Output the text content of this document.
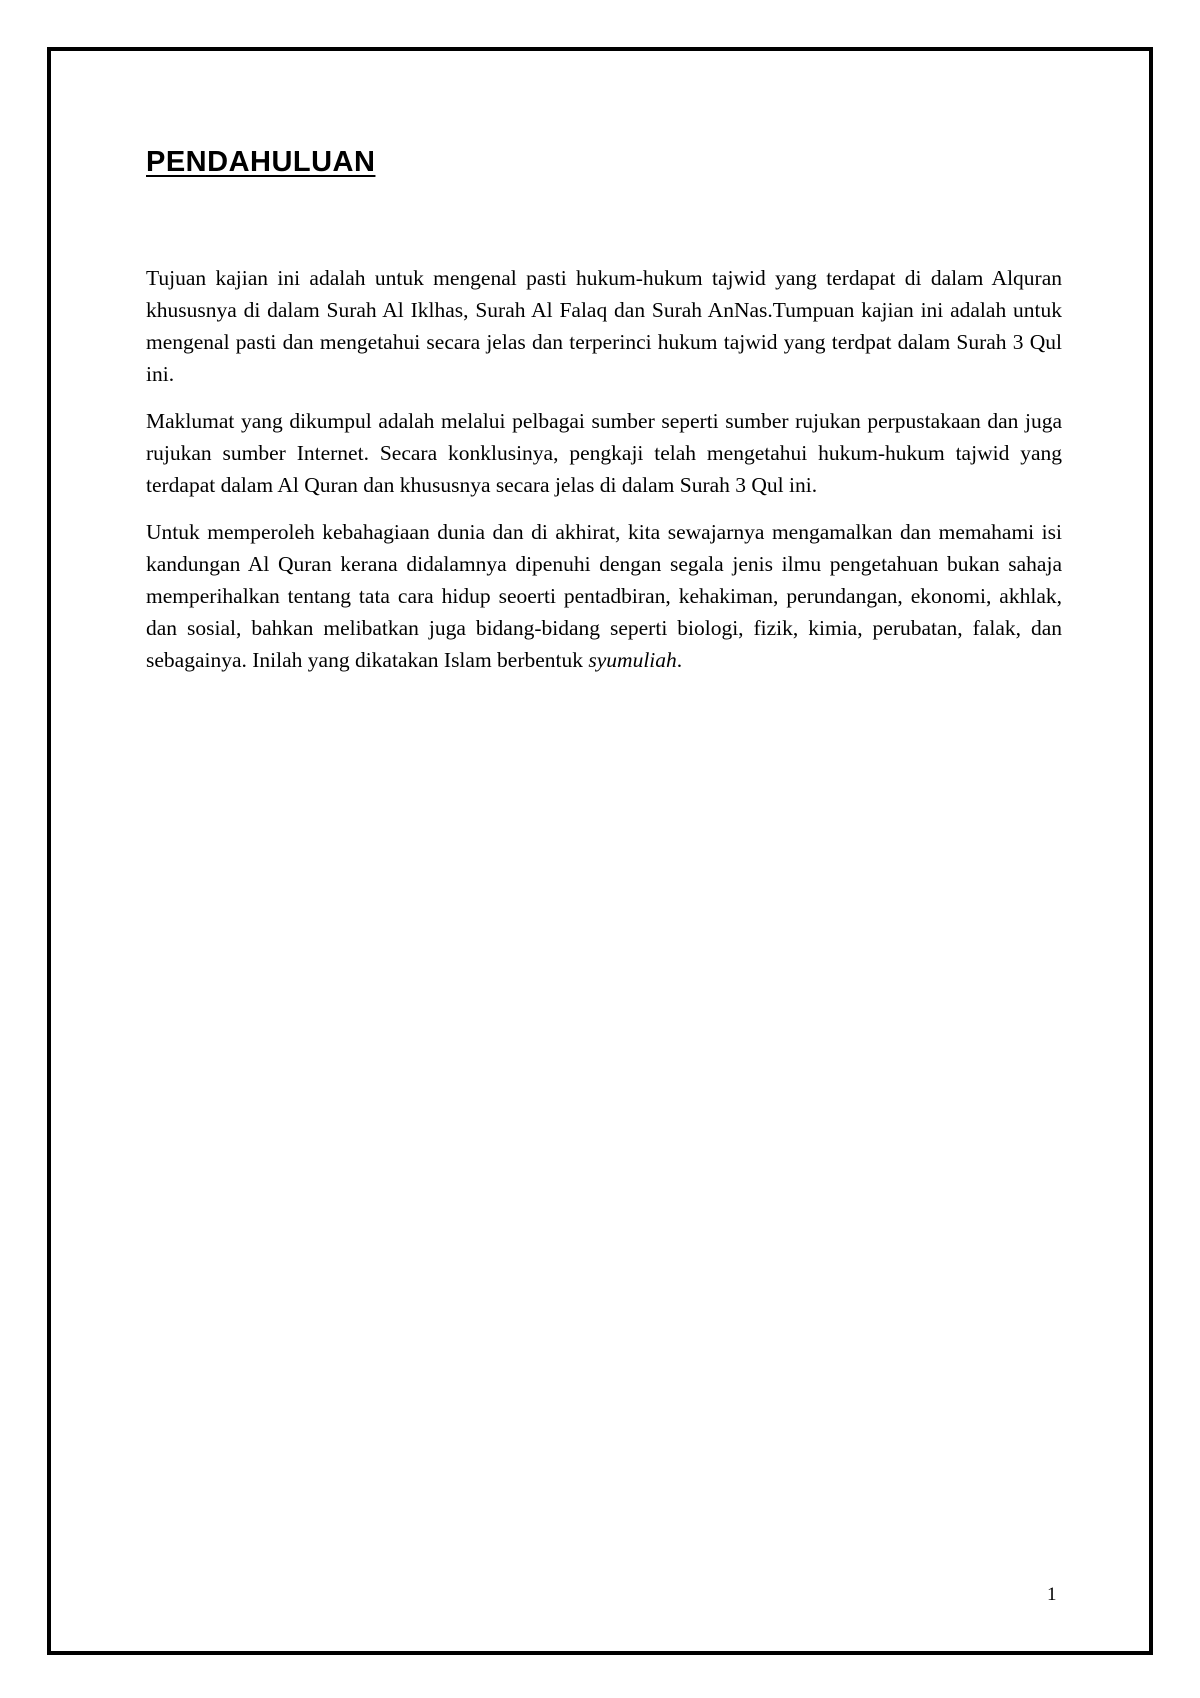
PENDAHULUAN

Tujuan kajian ini adalah untuk mengenal pasti hukum-hukum tajwid yang terdapat di dalam Alquran khususnya di dalam Surah Al Iklhas, Surah Al Falaq dan Surah AnNas.Tumpuan kajian ini adalah untuk mengenal pasti dan mengetahui secara jelas dan terperinci hukum tajwid yang terdpat dalam Surah 3 Qul ini.

Maklumat yang dikumpul adalah melalui pelbagai sumber seperti sumber rujukan perpustakaan dan juga rujukan sumber Internet. Secara konklusinya, pengkaji telah mengetahui hukum-hukum tajwid yang terdapat dalam Al Quran dan khususnya secara jelas di dalam Surah 3 Qul ini.

Untuk memperoleh kebahagiaan dunia dan di akhirat, kita sewajarnya mengamalkan dan memahami isi kandungan Al Quran kerana didalamnya dipenuhi dengan segala jenis ilmu pengetahuan bukan sahaja memperihalkan tentang tata cara hidup seoerti pentadbiran, kehakiman, perundangan, ekonomi, akhlak, dan sosial, bahkan melibatkan juga bidang-bidang seperti biologi, fizik, kimia, perubatan, falak, dan sebagainya. Inilah yang dikatakan Islam berbentuk syumuliah.

1
